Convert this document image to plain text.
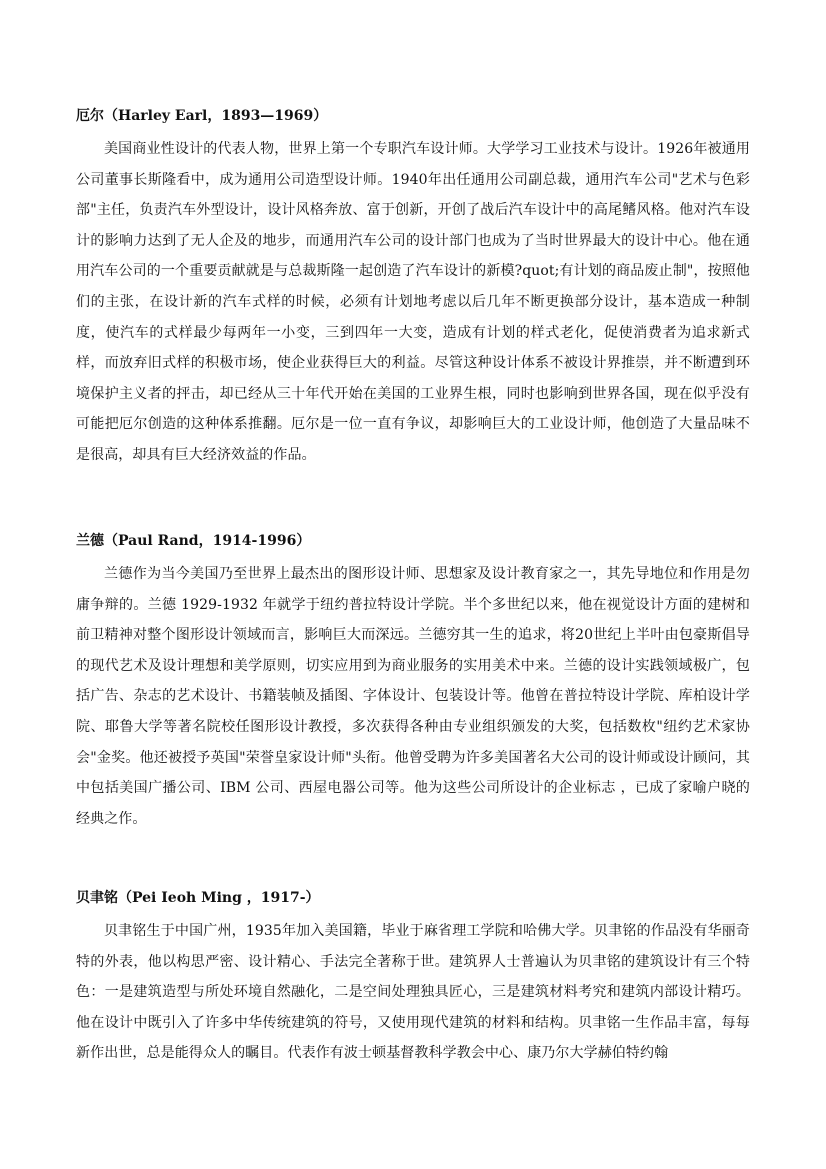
厄尔（Harley Earl，1893—1969）

美国商业性设计的代表人物，世界上第一个专职汽车设计师。大学学习工业技术与设计。1926年被通用公司董事长斯隆看中，成为通用公司造型设计师。1940年出任通用公司副总裁，通用汽车公司"艺术与色彩部"主任，负责汽车外型设计，设计风格奔放、富于创新，开创了战后汽车设计中的高尾鳍风格。他对汽车设计的影响力达到了无人企及的地步，而通用汽车公司的设计部门也成为了当时世界最大的设计中心。他在通用汽车公司的一个重要贡献就是与总裁斯隆一起创造了汽车设计的新模?quot;有计划的商品废止制"，按照他们的主张，在设计新的汽车式样的时候，必须有计划地考虑以后几年不断更换部分设计，基本造成一种制度，使汽车的式样最少每两年一小变，三到四年一大变，造成有计划的样式老化，促使消费者为追求新式样，而放弃旧式样的积极市场，使企业获得巨大的利益。尽管这种设计体系不被设计界推崇，并不断遭到环境保护主义者的抨击，却已经从三十年代开始在美国的工业界生根，同时也影响到世界各国，现在似乎没有可能把厄尔创造的这种体系推翻。厄尔是一位一直有争议，却影响巨大的工业设计师，他创造了大量品味不是很高，却具有巨大经济效益的作品。

兰德（Paul Rand，1914-1996）

兰德作为当今美国乃至世界上最杰出的图形设计师、思想家及设计教育家之一，其先导地位和作用是勿庸争辩的。兰德 1929-1932 年就学于纽约普拉特设计学院。半个多世纪以来，他在视觉设计方面的建树和前卫精神对整个图形设计领域而言，影响巨大而深远。兰德穷其一生的追求，将20世纪上半叶由包豪斯倡导的现代艺术及设计理想和美学原则，切实应用到为商业服务的实用美术中来。兰德的设计实践领域极广，包括广告、杂志的艺术设计、书籍装帧及插图、字体设计、包装设计等。他曾在普拉特设计学院、库柏设计学院、耶鲁大学等著名院校任图形设计教授，多次获得各种由专业组织颁发的大奖，包括数枚"纽约艺术家协会"金奖。他还被授予英国"荣誉皇家设计师"头衔。他曾受聘为许多美国著名大公司的设计师或设计顾问，其中包括美国广播公司、IBM 公司、西屋电器公司等。他为这些公司所设计的企业标志 ，已成了家喻户晓的经典之作。

贝聿铭（Pei Ieoh Ming ，1917-）

贝聿铭生于中国广州，1935年加入美国籍，毕业于麻省理工学院和哈佛大学。贝聿铭的作品没有华丽奇特的外表，他以构思严密、设计精心、手法完全著称于世。建筑界人士普遍认为贝聿铭的建筑设计有三个特色：一是建筑造型与所处环境自然融化，二是空间处理独具匠心，三是建筑材料考究和建筑内部设计精巧。他在设计中既引入了许多中华传统建筑的符号，又使用现代建筑的材料和结构。贝聿铭一生作品丰富，每每新作出世，总是能得众人的瞩目。代表作有波士顿基督教科学教会中心、康乃尔大学赫伯特约翰
